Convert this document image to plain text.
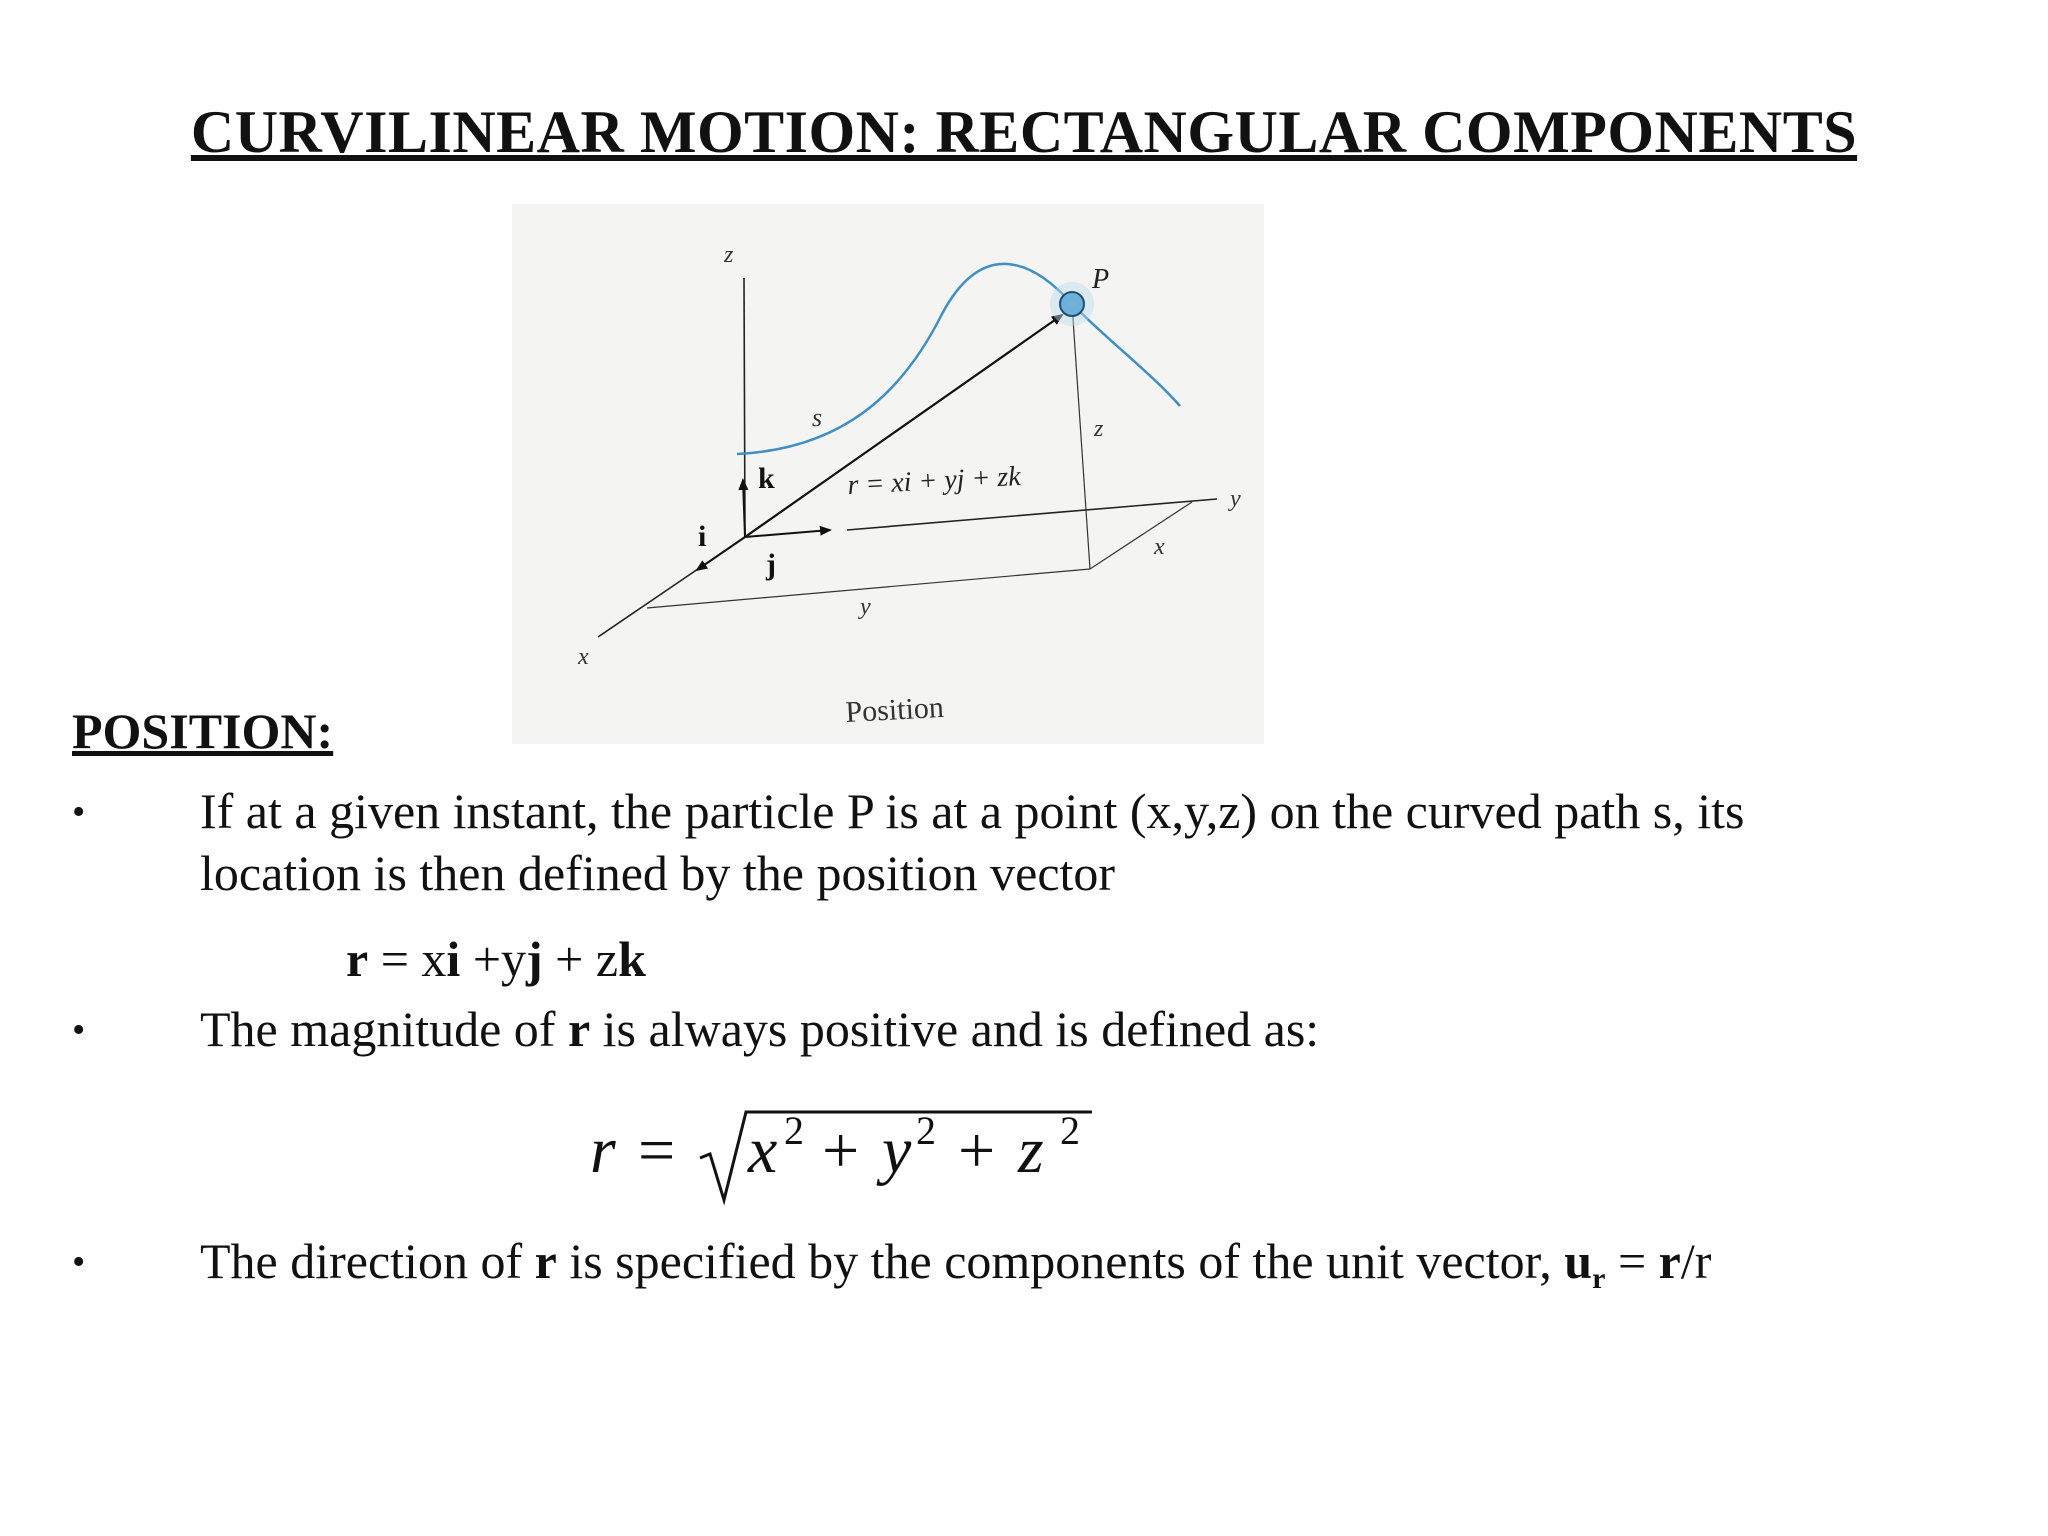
CURVILINEAR MOTION: RECTANGULAR COMPONENTS
z
P
s	z
k	r = xi + yj + zk	y
i
j
x
y
x
Position
POSITION:
• If at a given instant, the particle P is at a point (x,y,z) on the curved path s, its
location is then defined by the position vector
r = xi +yj + zk
• The magnitude of r is always positive and is defined as:
r = x 2 + y 2 + z 2
• The direction of r is specified by the components of the unit vector, $u_r = r/r$
